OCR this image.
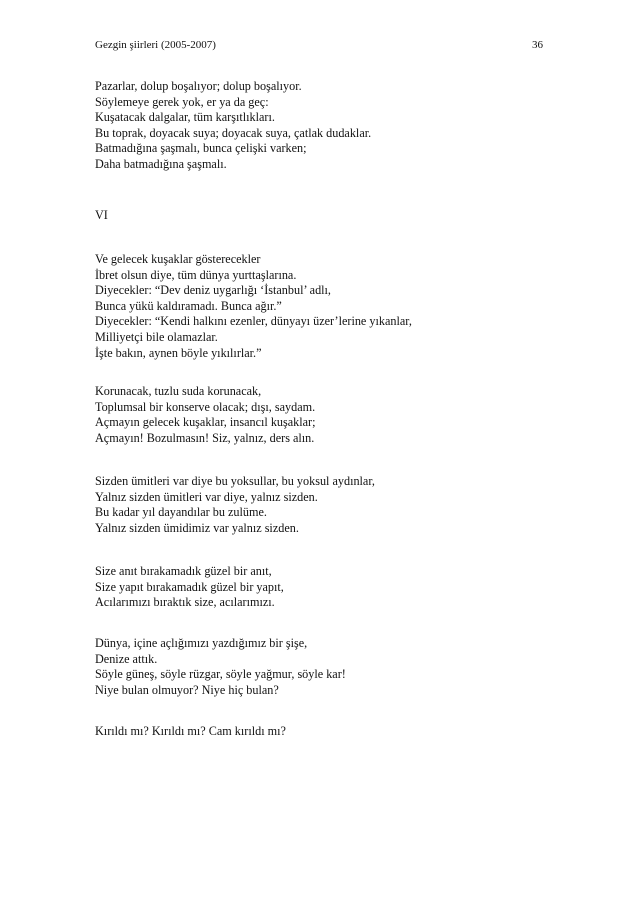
Gezgin şiirleri (2005-2007)	36
Pazarlar, dolup boşalıyor; dolup boşalıyor.
Söylemeye gerek yok, er ya da geç:
Kuşatacak dalgalar, tüm karşıtlıkları.
Bu toprak, doyacak suya; doyacak suya, çatlak dudaklar.
Batmadığına şaşmalı, bunca çelişki varken;
Daha batmadığına şaşmalı.
VI
Ve gelecek kuşaklar gösterecekler
İbret olsun diye, tüm dünya yurttaşlarına.
Diyecekler: “Dev deniz uygarlığı ‘İstanbul’ adlı,
Bunca yükü kaldıramadı. Bunca ağır.”
Diyecekler: “Kendi halkını ezenler, dünyayı üzer’lerine yıkanlar,
Milliyetçi bile olamazlar.
İşte bakın, aynen böyle yıkılırlar.”
Korunacak, tuzlu suda korunacak,
Toplumsal bir konserve olacak; dışı, saydam.
Açmayın gelecek kuşaklar, insancıl kuşaklar;
Açmayın! Bozulmasın! Siz, yalnız, ders alın.
Sizden ümitleri var diye bu yoksullar, bu yoksul aydınlar,
Yalnız sizden ümitleri var diye, yalnız sizden.
Bu kadar yıl dayandılar bu zulüme.
Yalnız sizden ümidimiz var yalnız sizden.
Size anıt bırakamadık güzel bir anıt,
Size yapıt bırakamadık güzel bir yapıt,
Acılarımızı bıraktık size, acılarımızı.
Dünya, içine açlığımızı yazdığımız bir şişe,
Denize attık.
Söyle güneş, söyle rüzgar, söyle yağmur, söyle kar!
Niye bulan olmuyor? Niye hiç bulan?
Kırıldı mı? Kırıldı mı? Cam kırıldı mı?
